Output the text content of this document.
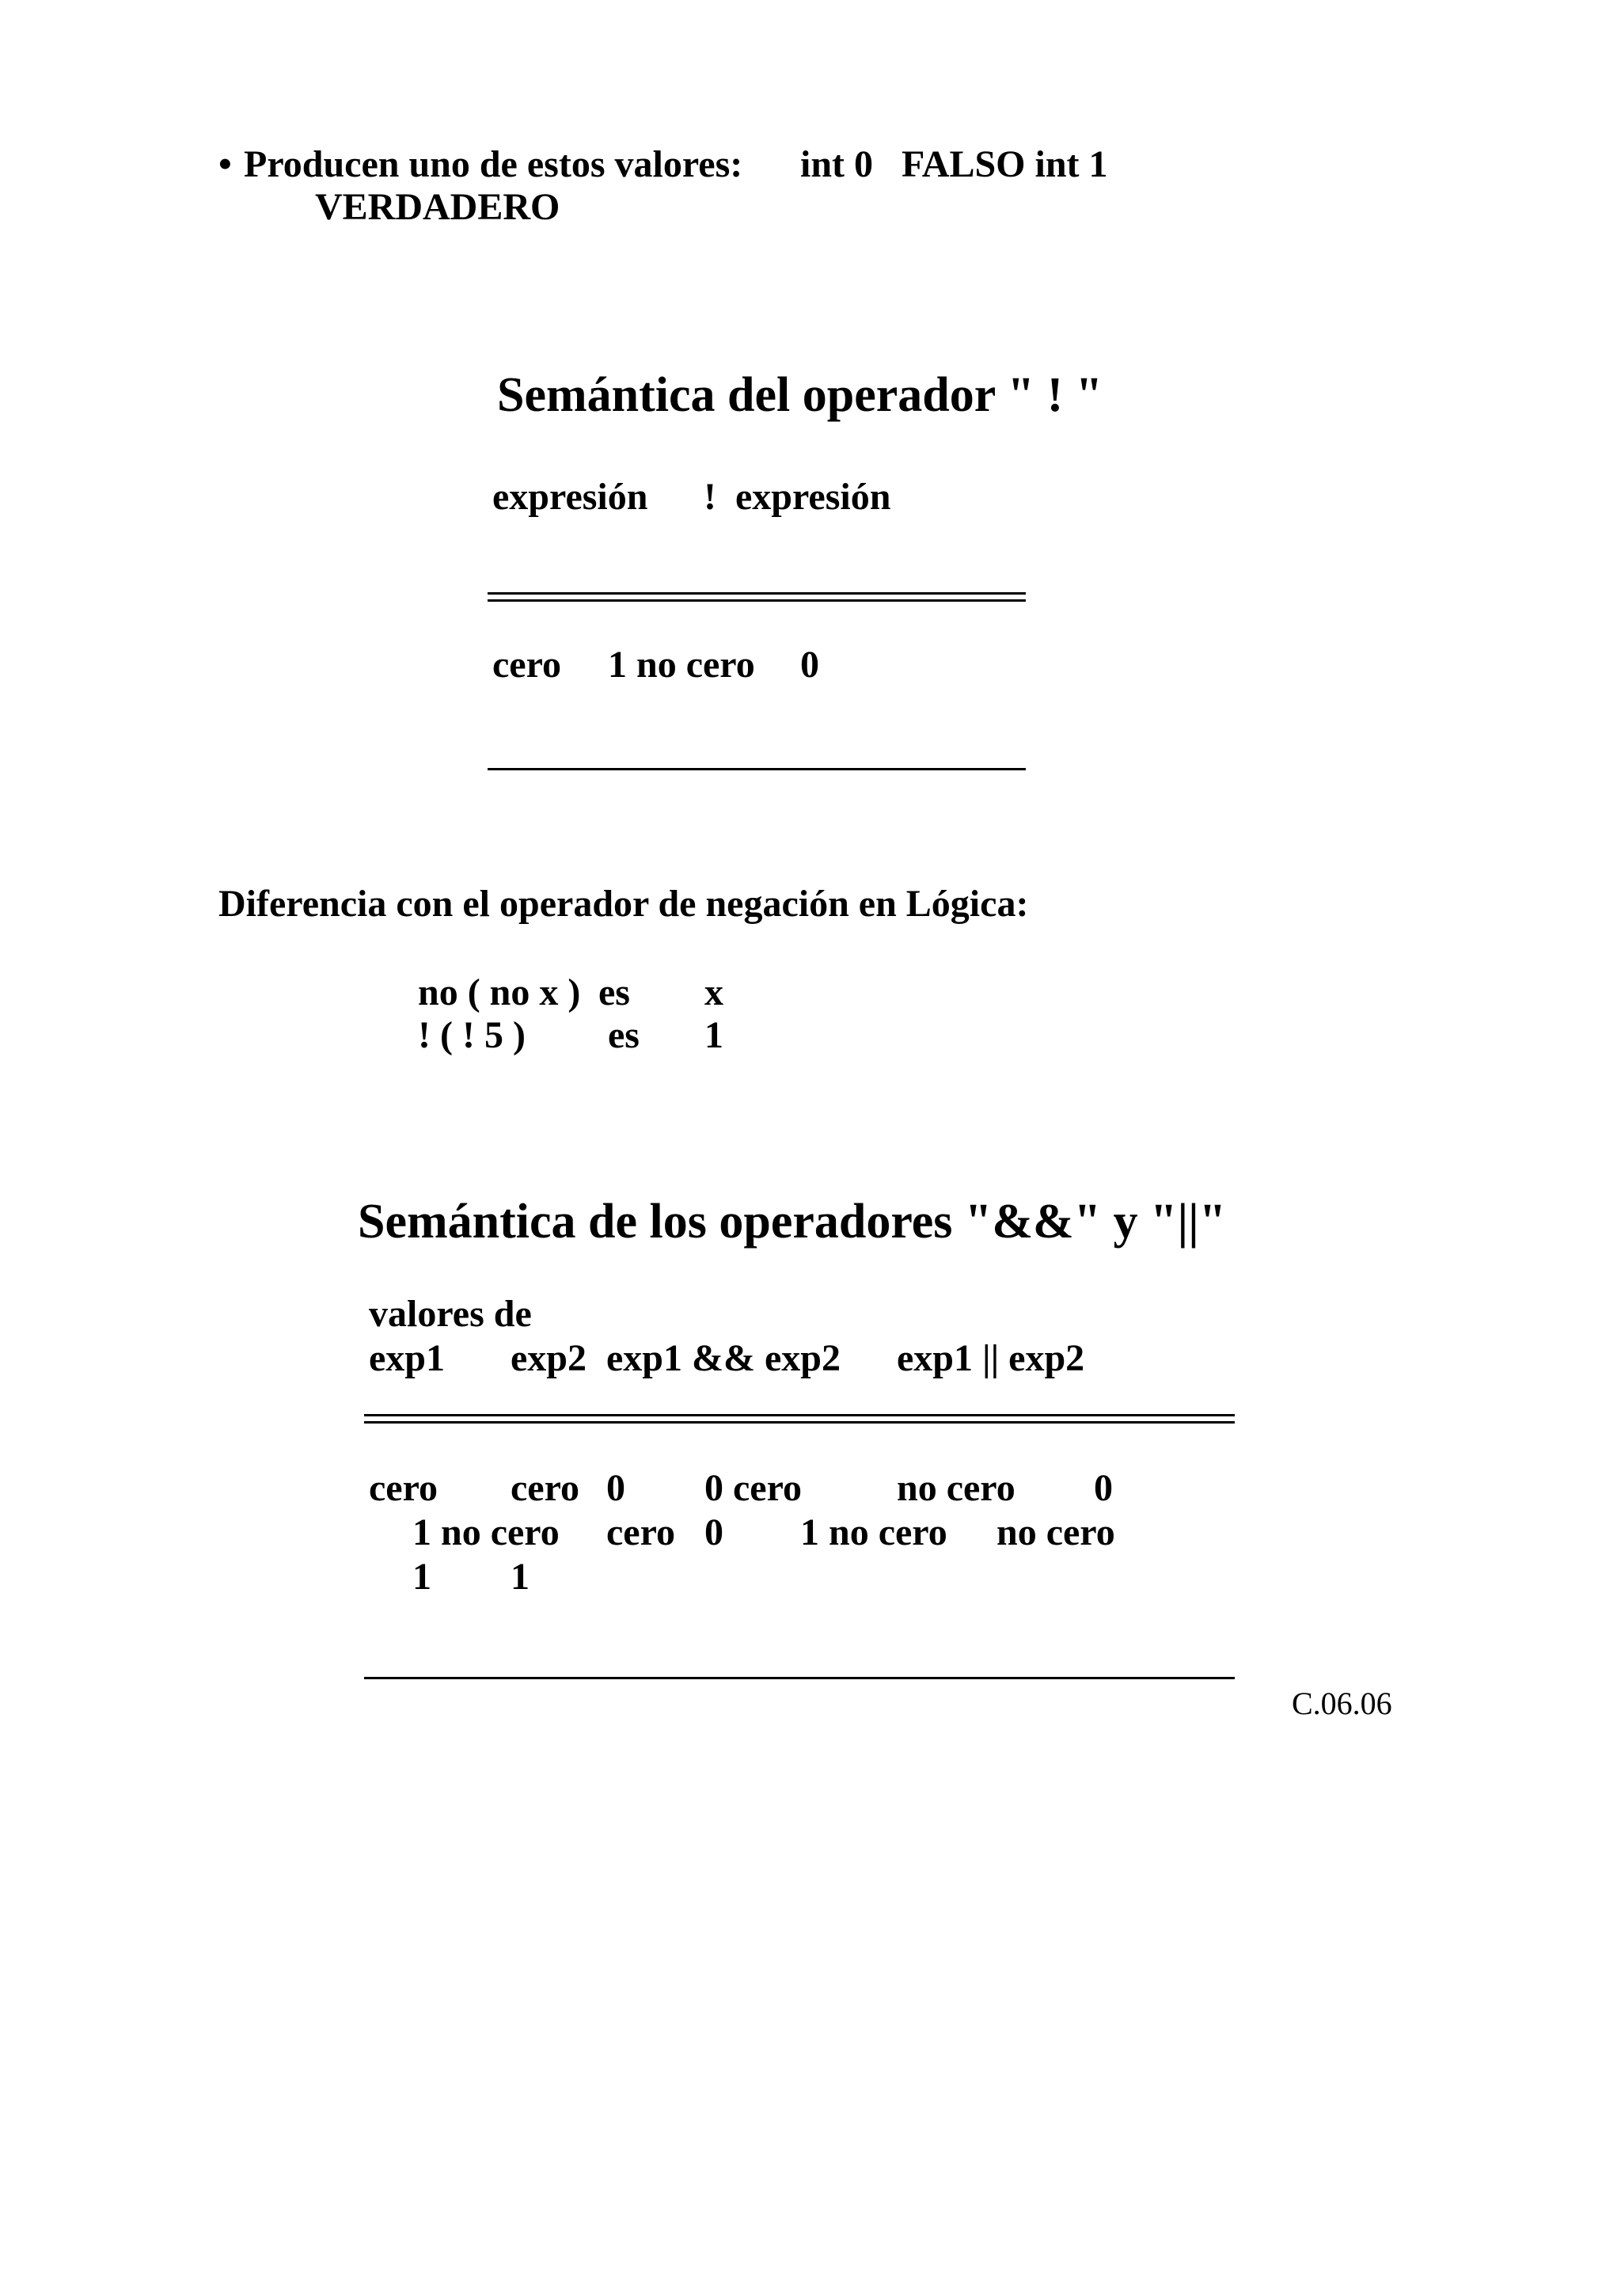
• Producen uno de estos valores: int 0   FALSO int 1
VERDADERO
Semántica del operador " ! "
expresión !  expresión
cero 1 no cero 0
Diferencia con el operador de negación en Lógica:
no ( no x ) es x
! ( ! 5 ) es 1
Semántica de los operadores "&&" y "||"
valores de
exp1 exp2 exp1 && exp2 exp1 || exp2
cero cero 0 0 cero no cero 0
1 no cero cero 0 1 no cero no cero
1 1
C.06.06
